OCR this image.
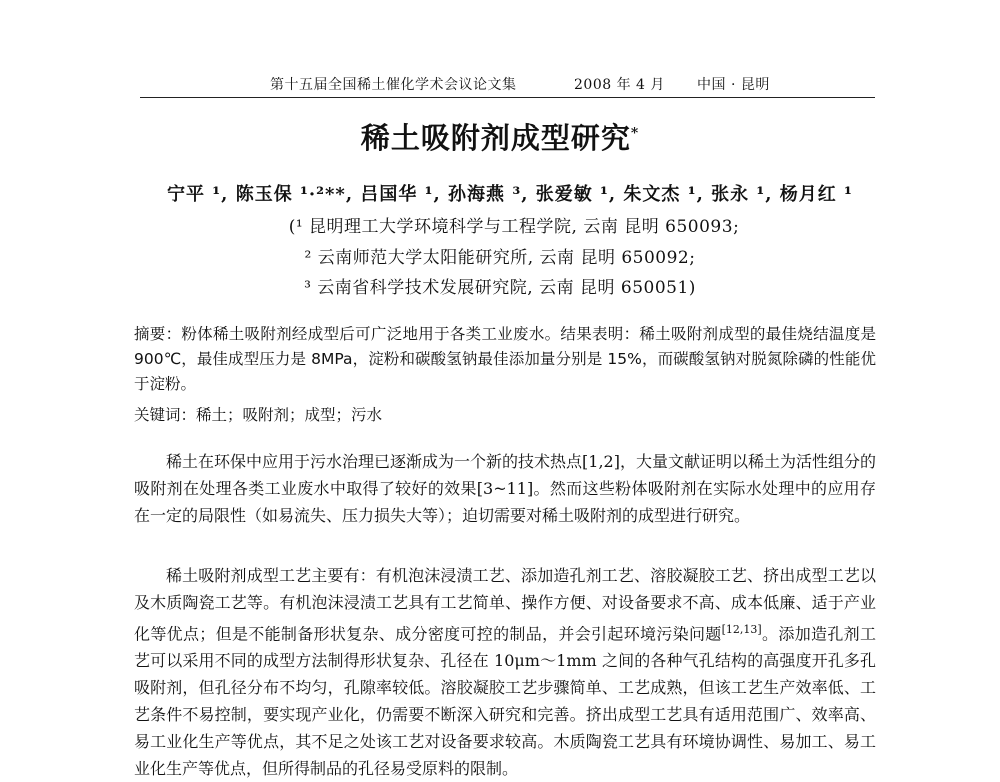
第十五届全国稀土催化学术会议论文集	2008 年 4 月 中国 · 昆明
稀土吸附剂成型研究*
宁平 ¹, 陈玉保 ¹·²**, 吕国华 ¹, 孙海燕 ³, 张爱敏 ¹, 朱文杰 ¹, 张永 ¹, 杨月红 ¹
(¹ 昆明理工大学环境科学与工程学院, 云南 昆明 650093;
² 云南师范大学太阳能研究所, 云南 昆明 650092;
³ 云南省科学技术发展研究院, 云南 昆明 650051)
摘要：粉体稀土吸附剂经成型后可广泛地用于各类工业废水。结果表明：稀土吸附剂成型的最佳烧结温度是 900℃，最佳成型压力是 8MPa，淀粉和碳酸氢钠最佳添加量分别是 15%，而碳酸氢钠对脱氮除磷的性能优于淀粉。
关键词：稀土；吸附剂；成型；污水
稀土在环保中应用于污水治理已逐渐成为一个新的技术热点[1,2]，大量文献证明以稀土为活性组分的吸附剂在处理各类工业废水中取得了较好的效果[3~11]。然而这些粉体吸附剂在实际水处理中的应用存在一定的局限性（如易流失、压力损失大等）；迫切需要对稀土吸附剂的成型进行研究。
稀土吸附剂成型工艺主要有：有机泡沫浸渍工艺、添加造孔剂工艺、溶胶凝胶工艺、挤出成型工艺以及木质陶瓷工艺等。有机泡沫浸渍工艺具有工艺简单、操作方便、对设备要求不高、成本低廉、适于产业化等优点；但是不能制备形状复杂、成分密度可控的制品，并会引起环境污染问题[12,13]。添加造孔剂工艺可以采用不同的成型方法制得形状复杂、孔径在 10μm～1mm 之间的各种气孔结构的高强度开孔多孔吸附剂，但孔径分布不均匀，孔隙率较低。溶胶凝胶工艺步骤简单、工艺成熟，但该工艺生产效率低、工艺条件不易控制，要实现产业化，仍需要不断深入研究和完善。挤出成型工艺具有适用范围广、效率高、易工业化生产等优点，其不足之处该工艺对设备要求较高。木质陶瓷工艺具有环境协调性、易加工、易工业化生产等优点，但所得制品的孔径易受原料的限制。
